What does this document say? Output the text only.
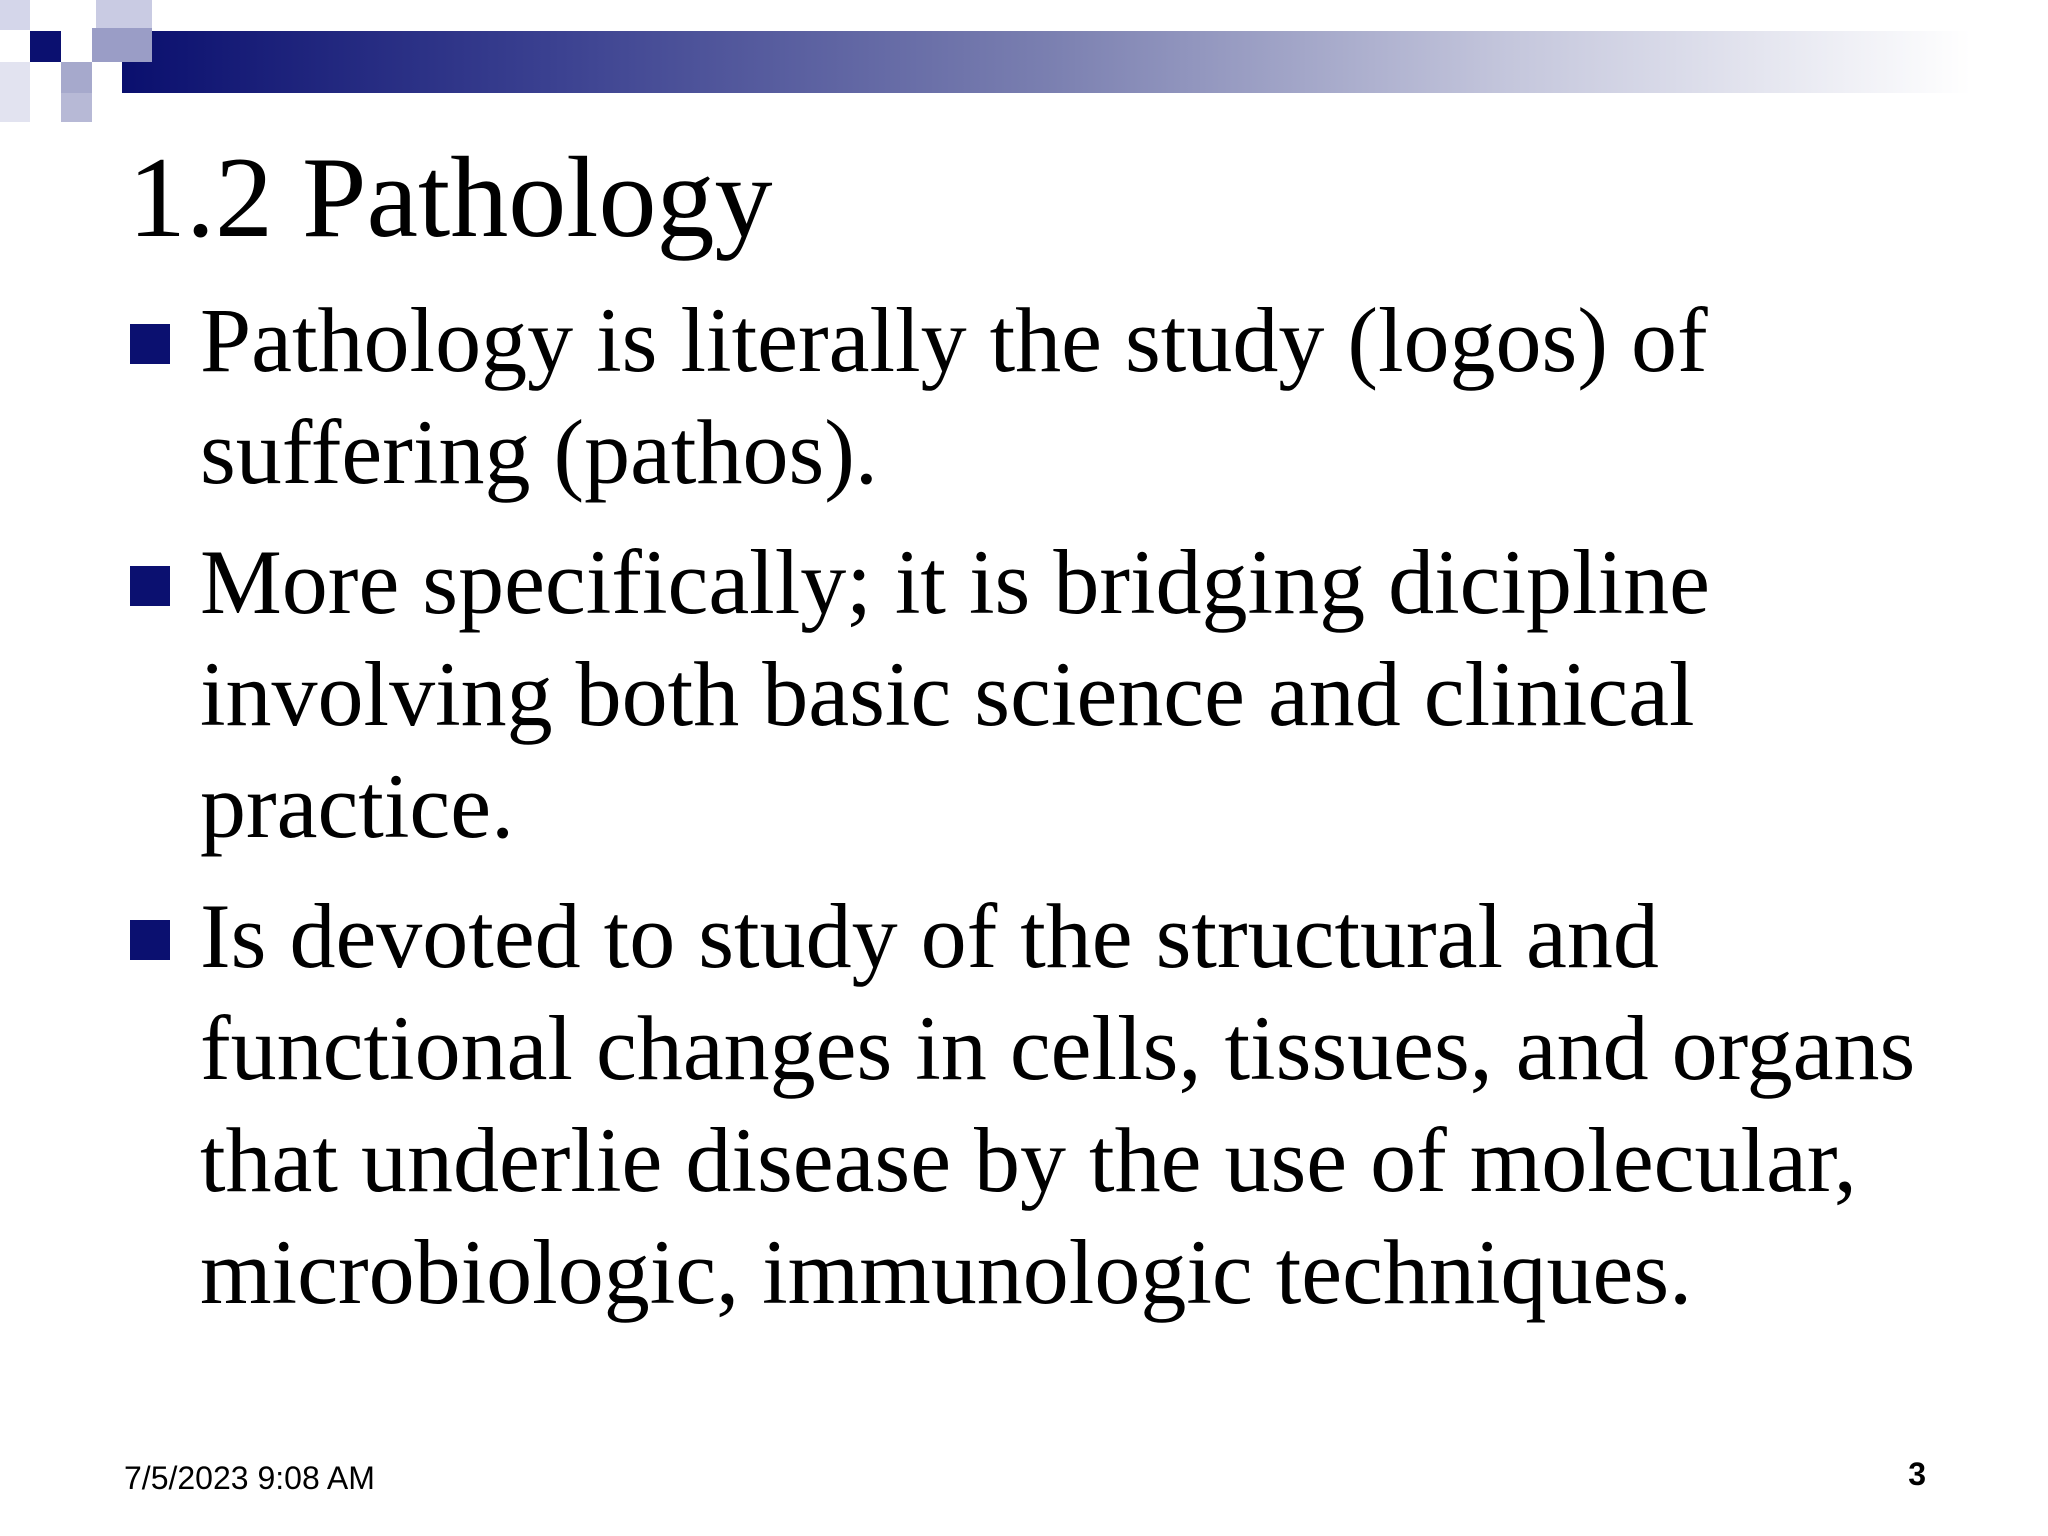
1.2 Pathology
Pathology is literally the study (logos) of suffering (pathos).
More specifically; it is bridging dicipline involving both basic science and clinical practice.
Is devoted to study of the structural and functional changes in cells, tissues, and organs that underlie disease by the use of molecular, microbiologic, immunologic techniques.
7/5/2023 9:08 AM	3
